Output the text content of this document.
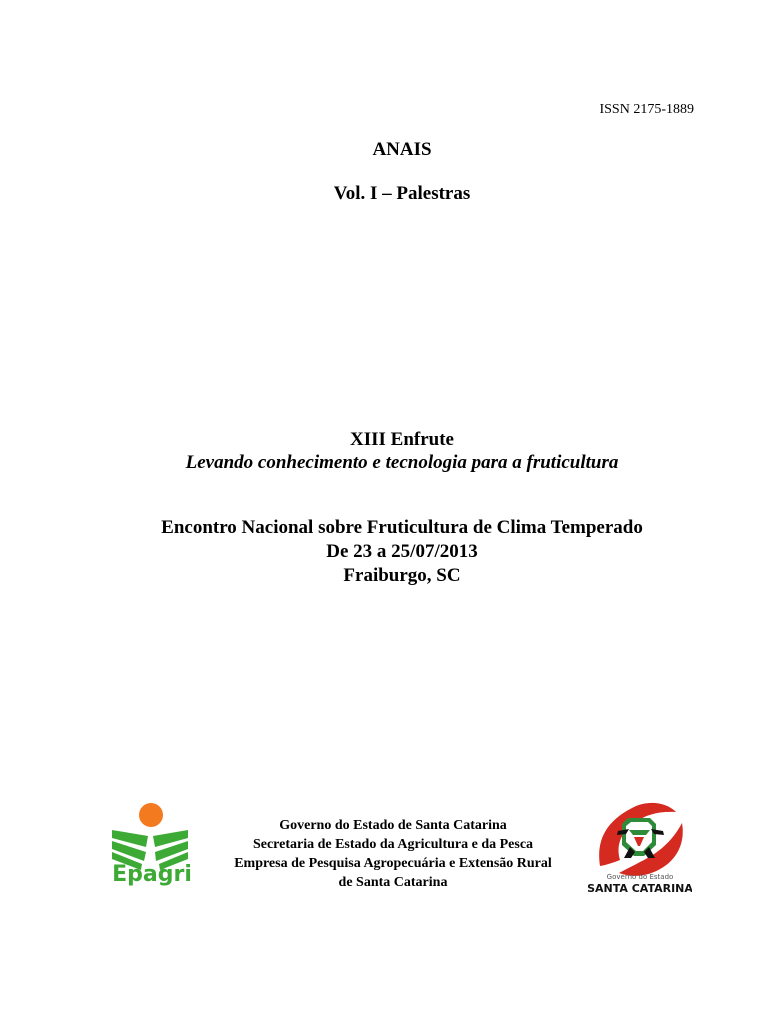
ISSN 2175-1889
ANAIS
Vol. I – Palestras
XIII Enfrute
Levando conhecimento e tecnologia para a fruticultura
Encontro Nacional sobre Fruticultura de Clima Temperado
De 23 a 25/07/2013
Fraiburgo, SC
Epagri
Governo do Estado de Santa Catarina
Secretaria de Estado da Agricultura e da Pesca
Empresa de Pesquisa Agropecuária e Extensão Rural
de Santa Catarina	Governo do Estado
SANTA CATARINA
